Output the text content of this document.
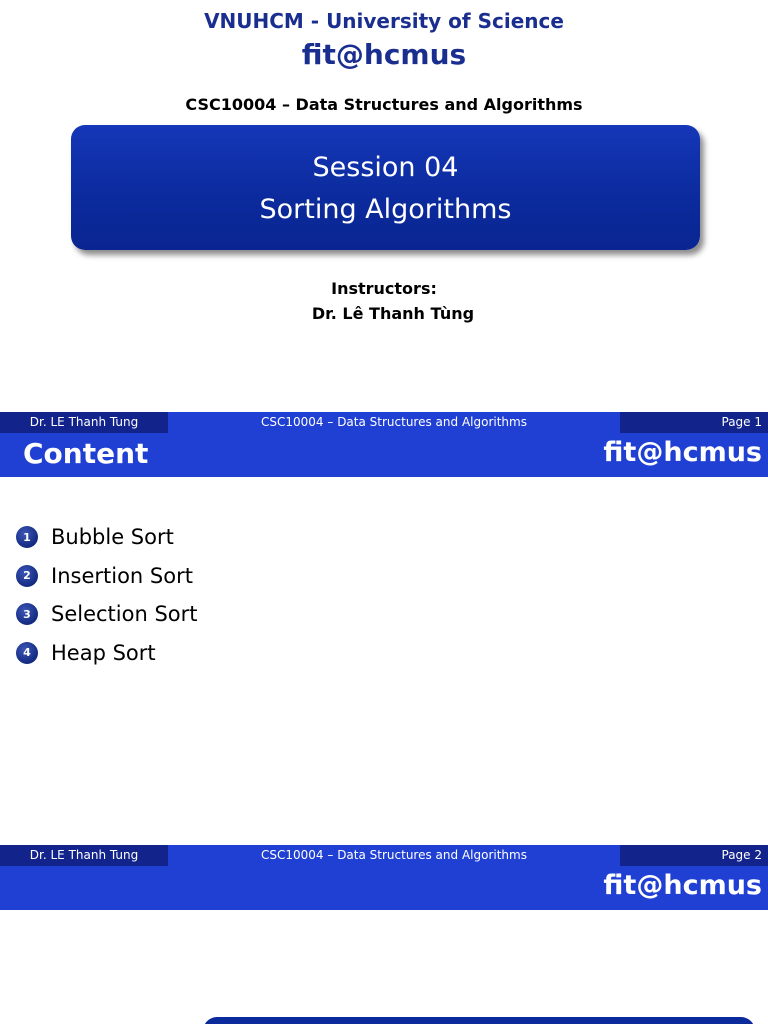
VNUHCM - University of Science
fit@hcmus
CSC10004 – Data Structures and Algorithms
Session 04
Sorting Algorithms
Instructors:
Dr. Lê Thanh Tùng
Dr. LE Thanh Tung	CSC10004 – Data Structures and Algorithms	Page 1
Content	fit@hcmus
1 Bubble Sort
2 Insertion Sort
3 Selection Sort
4 Heap Sort
Dr. LE Thanh Tung	CSC10004 – Data Structures and Algorithms	Page 2
fit@hcmus
